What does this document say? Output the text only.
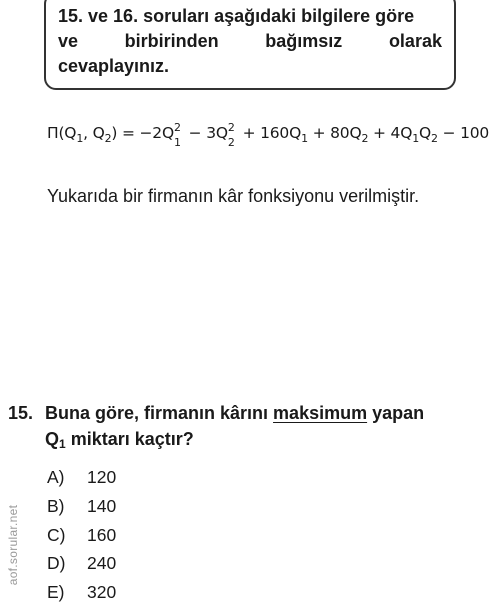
15. ve 16. soruları aşağıdaki bilgilere göre
ve	birbirinden	bağımsız	olarak
cevaplayınız.
$\Pi(Q_1$, $Q_2) = -2Q$ 2
1
− 3Q 2
2
+ $160Q_1 + 80Q_2 + 4Q_1Q_2 - 100$
Yukarıda bir firmanın kâr fonksiyonu verilmiştir.
15. Buna göre, firmanın kârını maksimum yapan
$Q_1$ miktarı kaçtır?
A) 120
B) 140
C) 160
D) 240
E) 320
aof.sorular.net
